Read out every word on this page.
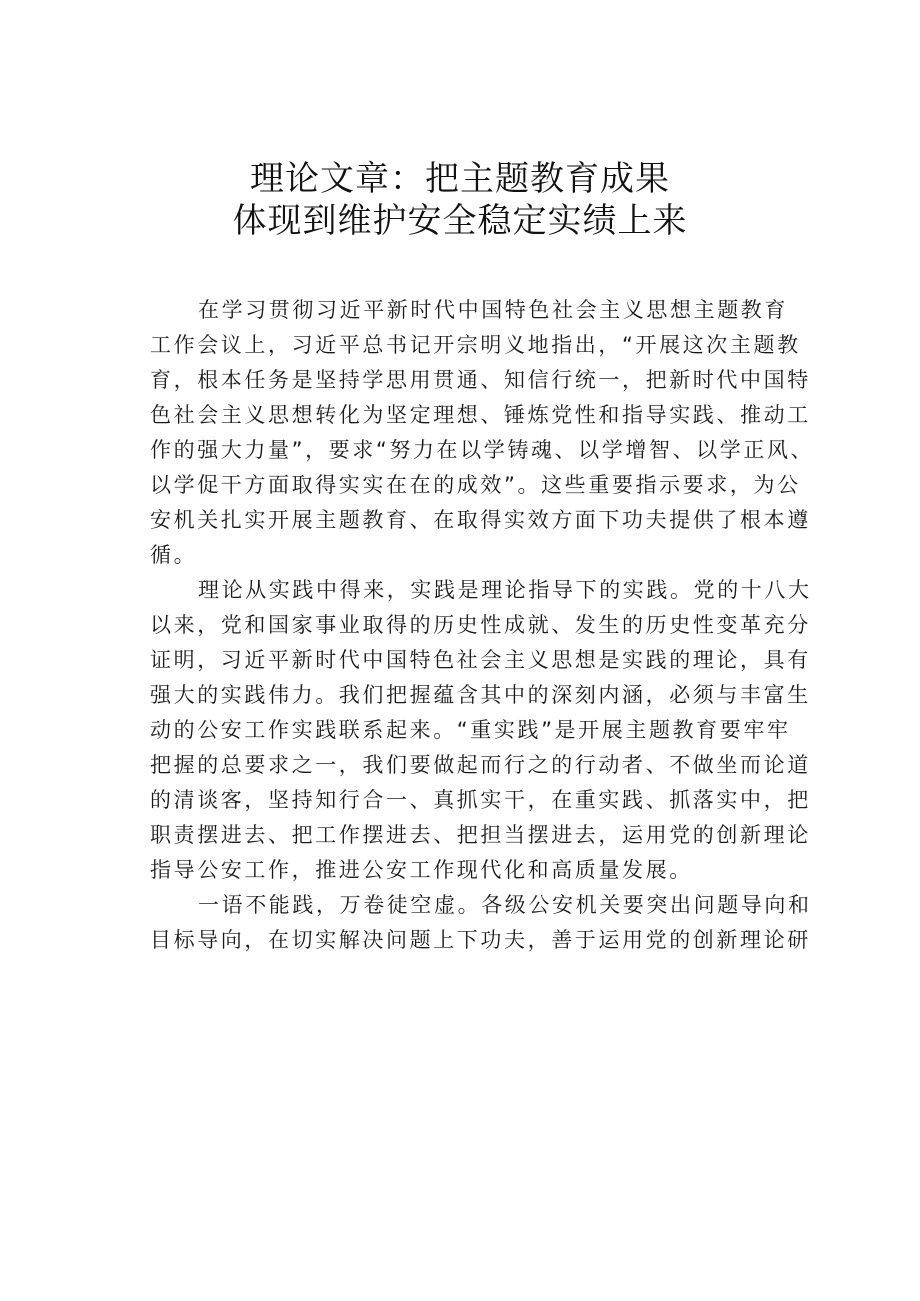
理论文章：把主题教育成果
体现到维护安全稳定实绩上来
在学习贯彻习近平新时代中国特色社会主义思想主题教育
工作会议上，习近平总书记开宗明义地指出，“开展这次主题教
育，根本任务是坚持学思用贯通、知信行统一，把新时代中国特
色社会主义思想转化为坚定理想、锤炼党性和指导实践、推动工
作的强大力量”，要求“努力在以学铸魂、以学增智、以学正风、
以学促干方面取得实实在在的成效”。这些重要指示要求，为公
安机关扎实开展主题教育、在取得实效方面下功夫提供了根本遵
循。
理论从实践中得来，实践是理论指导下的实践。党的十八大
以来，党和国家事业取得的历史性成就、发生的历史性变革充分
证明，习近平新时代中国特色社会主义思想是实践的理论，具有
强大的实践伟力。我们把握蕴含其中的深刻内涵，必须与丰富生
动的公安工作实践联系起来。“重实践”是开展主题教育要牢牢
把握的总要求之一，我们要做起而行之的行动者、不做坐而论道
的清谈客，坚持知行合一、真抓实干，在重实践、抓落实中，把
职责摆进去、把工作摆进去、把担当摆进去，运用党的创新理论
指导公安工作，推进公安工作现代化和高质量发展。
一语不能践，万卷徒空虚。各级公安机关要突出问题导向和
目标导向，在切实解决问题上下功夫，善于运用党的创新理论研
